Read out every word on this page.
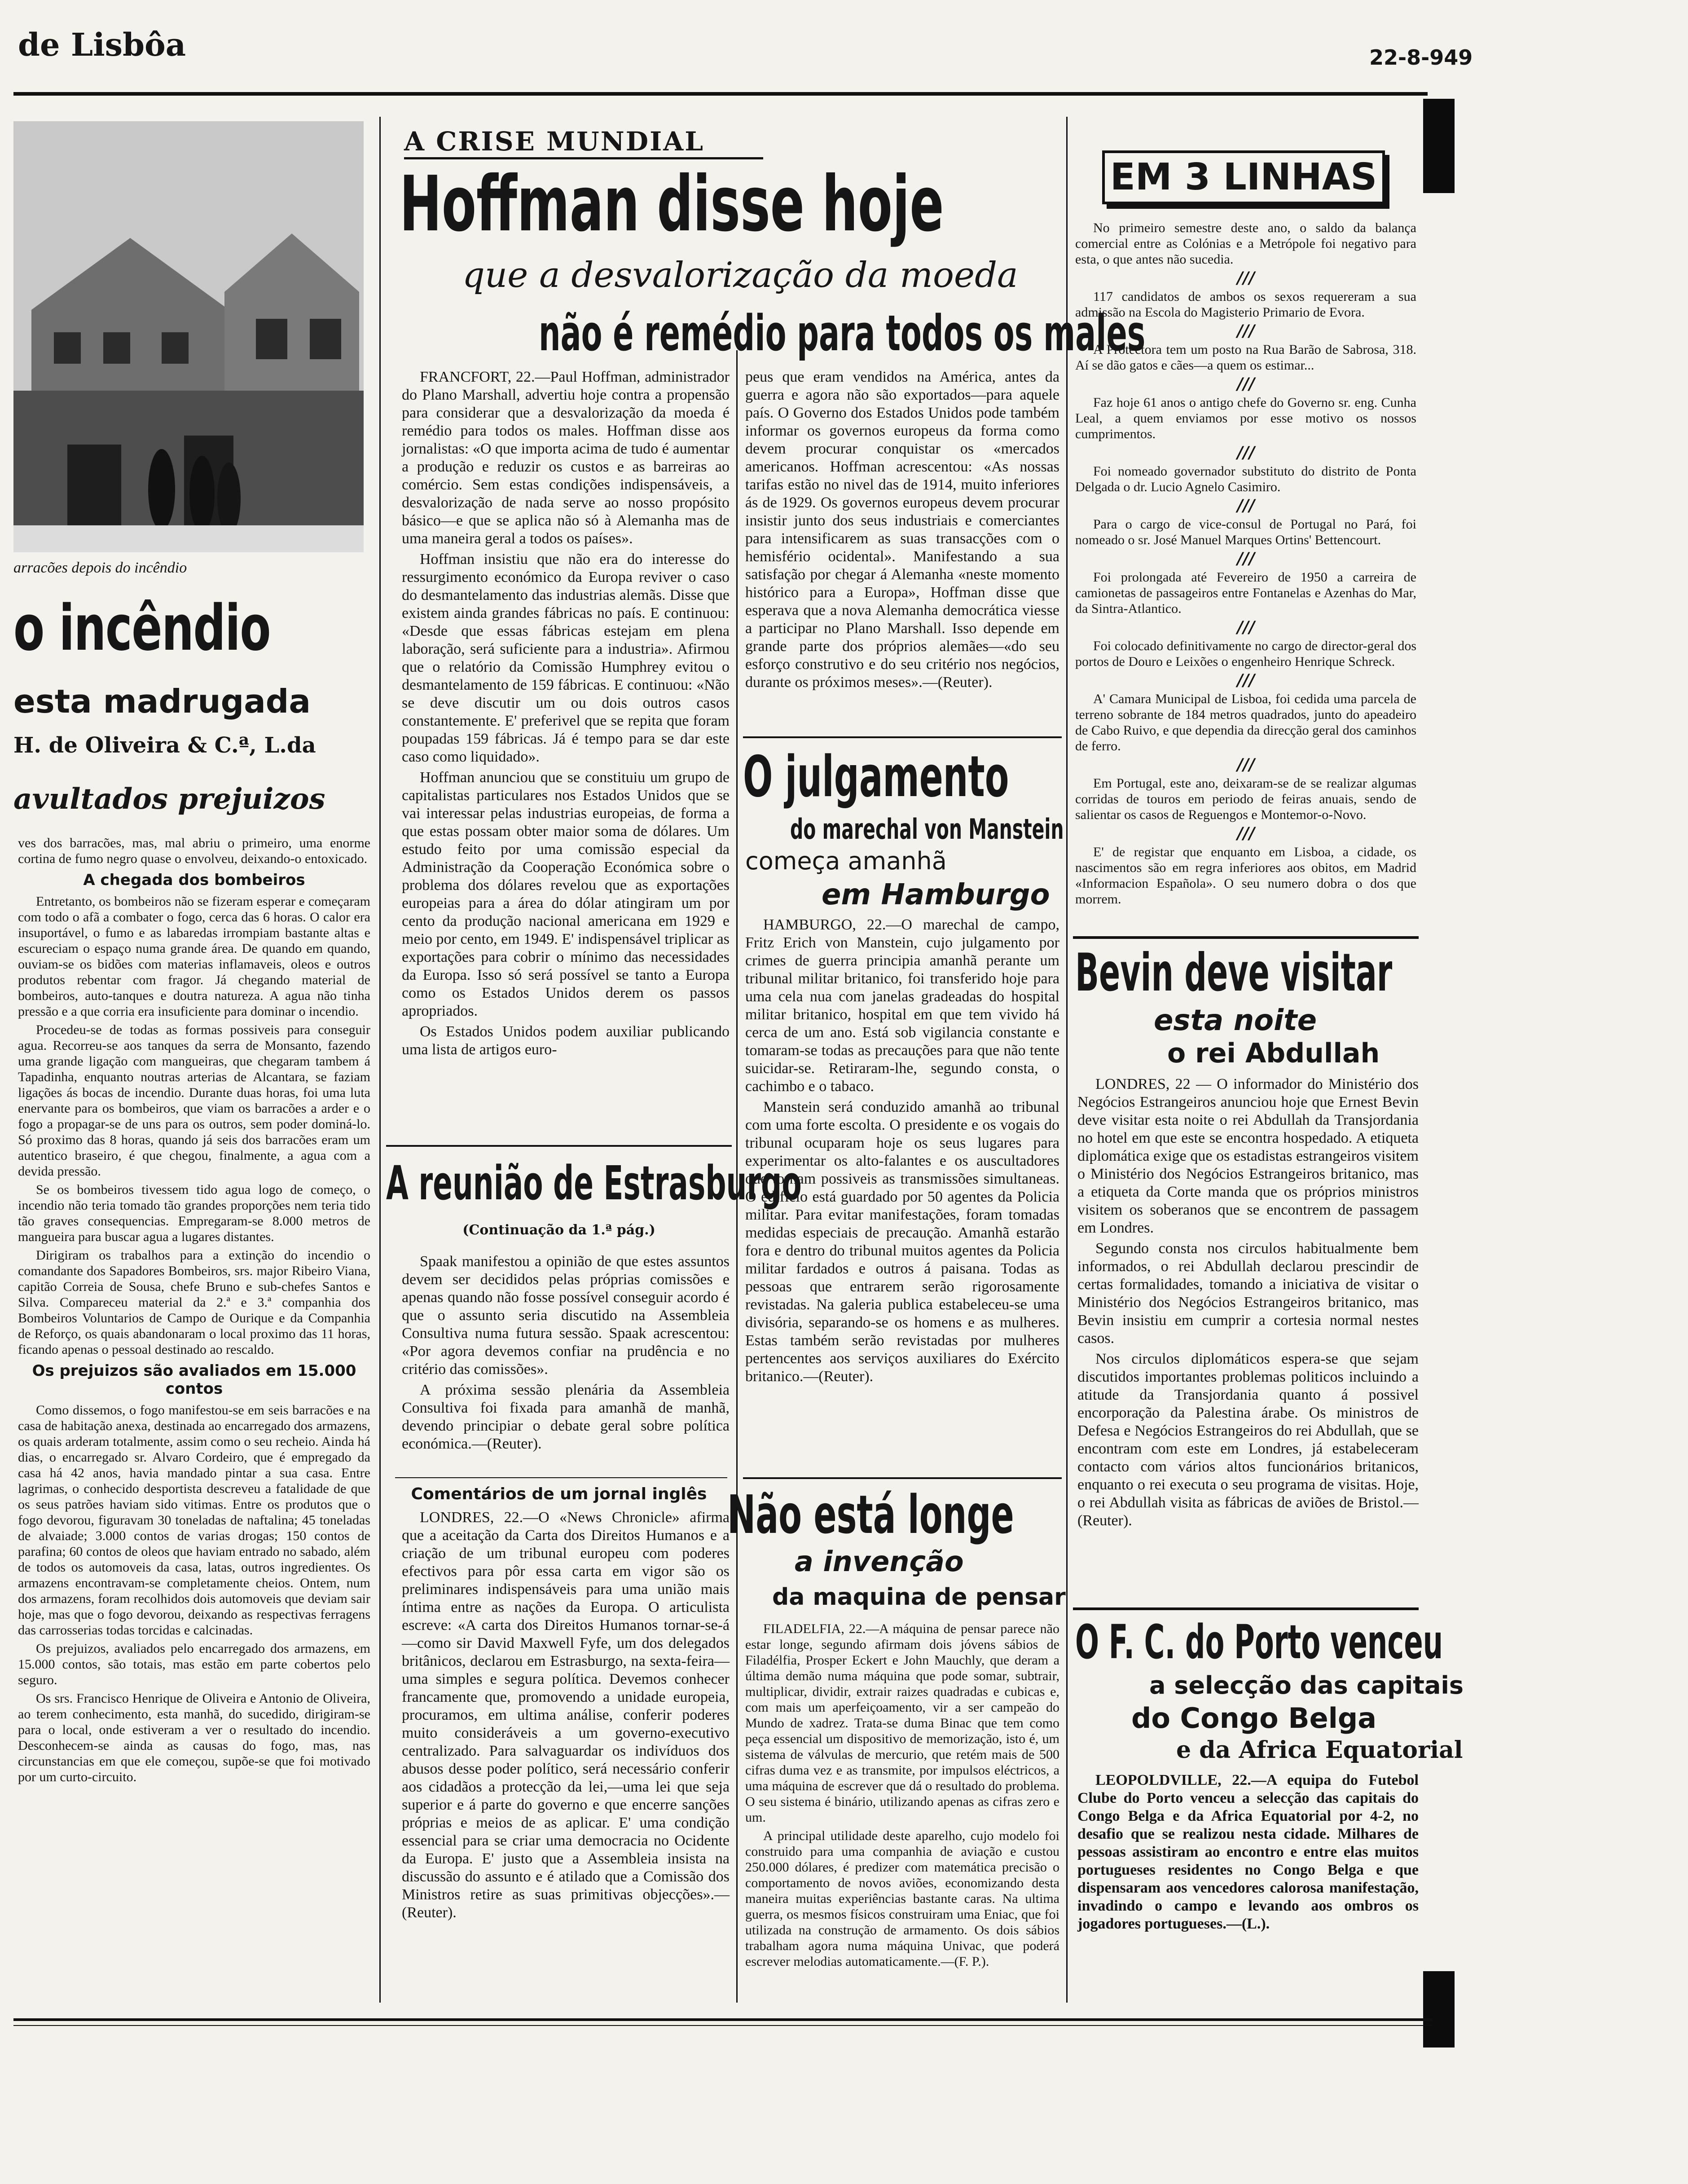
de Lisbôa	22-8-949
arracões depois do incêndio
o incêndio
esta madrugada
H. de Oliveira & C.ª, L.da
avultados prejuizos

ves dos barracões, mas, mal abriu o primeiro, uma enorme cortina de fumo negro quase o envolveu, deixando-o entoxicado.

A chegada dos bombeiros

Entretanto, os bombeiros não se fizeram esperar e começaram com todo o afã a combater o fogo, cerca das 6 horas. O calor era insuportável, o fumo e as labaredas irrompiam bastante altas e escureciam o espaço numa grande área. De quando em quando, ouviam-se os bidões com materias inflamaveis, oleos e outros produtos rebentar com fragor. Já chegando material de bombeiros, auto-tanques e doutra natureza. A agua não tinha pressão e a que corria era insuficiente para dominar o incendio.

Procedeu-se de todas as formas possiveis para conseguir agua. Recorreu-se aos tanques da serra de Monsanto, fazendo uma grande ligação com mangueiras, que chegaram tambem á Tapadinha, enquanto noutras arterias de Alcantara, se faziam ligações ás bocas de incendio. Durante duas horas, foi uma luta enervante para os bombeiros, que viam os barracões a arder e o fogo a propagar-se de uns para os outros, sem poder dominá-lo. Só proximo das 8 horas, quando já seis dos barracões eram um autentico braseiro, é que chegou, finalmente, a agua com a devida pressão.

Se os bombeiros tivessem tido agua logo de começo, o incendio não teria tomado tão grandes proporções nem teria tido tão graves consequencias. Empregaram-se 8.000 metros de mangueira para buscar agua a lugares distantes.

Dirigiram os trabalhos para a extinção do incendio o comandante dos Sapadores Bombeiros, srs. major Ribeiro Viana, capitão Correia de Sousa, chefe Bruno e sub-chefes Santos e Silva. Compareceu material da 2.ª e 3.ª companhia dos Bombeiros Voluntarios de Campo de Ourique e da Companhia de Reforço, os quais abandonaram o local proximo das 11 horas, ficando apenas o pessoal destinado ao rescaldo.

Os prejuizos são avaliados em 15.000 contos

Como dissemos, o fogo manifestou-se em seis barracões e na casa de habitação anexa, destinada ao encarregado dos armazens, os quais arderam totalmente, assim como o seu recheio. Ainda há dias, o encarregado sr. Alvaro Cordeiro, que é empregado da casa há 42 anos, havia mandado pintar a sua casa. Entre lagrimas, o conhecido desportista descreveu a fatalidade de que os seus patrões haviam sido vitimas. Entre os produtos que o fogo devorou, figuravam 30 toneladas de naftalina; 45 toneladas de alvaiade; 3.000 contos de varias drogas; 150 contos de parafina; 60 contos de oleos que haviam entrado no sabado, além de todos os automoveis da casa, latas, outros ingredientes. Os armazens encontravam-se completamente cheios. Ontem, num dos armazens, foram recolhidos dois automoveis que deviam sair hoje, mas que o fogo devorou, deixando as respectivas ferragens das carrosserias todas torcidas e calcinadas.

Os prejuizos, avaliados pelo encarregado dos armazens, em 15.000 contos, são totais, mas estão em parte cobertos pelo seguro.

Os srs. Francisco Henrique de Oliveira e Antonio de Oliveira, ao terem conhecimento, esta manhã, do sucedido, dirigiram-se para o local, onde estiveram a ver o resultado do incendio. Desconhecem-se ainda as causas do fogo, mas, nas circunstancias em que ele começou, supõe-se que foi motivado por um curto-circuito.

A CRISE MUNDIAL
Hoffman disse hoje
que a desvalorização da moeda
não é remédio para todos os males

FRANCFORT, 22.—Paul Hoffman, administrador do Plano Marshall, advertiu hoje contra a propensão para considerar que a desvalorização da moeda é remédio para todos os males. Hoffman disse aos jornalistas: «O que importa acima de tudo é aumentar a produção e reduzir os custos e as barreiras ao comércio. Sem estas condições indispensáveis, a desvalorização de nada serve ao nosso propósito básico—e que se aplica não só à Alemanha mas de uma maneira geral a todos os países».

Hoffman insistiu que não era do interesse do ressurgimento económico da Europa reviver o caso do desmantelamento das industrias alemãs. Disse que existem ainda grandes fábricas no país. E continuou: «Desde que essas fábricas estejam em plena laboração, será suficiente para a industria». Afirmou que o relatório da Comissão Humphrey evitou o desmantelamento de 159 fábricas. E continuou: «Não se deve discutir um ou dois outros casos constantemente. E' preferivel que se repita que foram poupadas 159 fábricas. Já é tempo para se dar este caso como liquidado».

Hoffman anunciou que se constituiu um grupo de capitalistas particulares nos Estados Unidos que se vai interessar pelas industrias europeias, de forma a que estas possam obter maior soma de dólares. Um estudo feito por uma comissão especial da Administração da Cooperação Económica sobre o problema dos dólares revelou que as exportações europeias para a área do dólar atingiram um por cento da produção nacional americana em 1929 e meio por cento, em 1949. E' indispensável triplicar as exportações para cobrir o mínimo das necessidades da Europa. Isso só será possível se tanto a Europa como os Estados Unidos derem os passos apropriados.

Os Estados Unidos podem auxiliar publicando uma lista de artigos euro-

peus que eram vendidos na América, antes da guerra e agora não são exportados—para aquele país. O Governo dos Estados Unidos pode também informar os governos europeus da forma como devem procurar conquistar os «mercados americanos. Hoffman acrescentou: «As nossas tarifas estão no nivel das de 1914, muito inferiores ás de 1929. Os governos europeus devem procurar insistir junto dos seus industriais e comerciantes para intensificarem as suas transacções com o hemisfério ocidental». Manifestando a sua satisfação por chegar á Alemanha «neste momento histórico para a Europa», Hoffman disse que esperava que a nova Alemanha democrática viesse a participar no Plano Marshall. Isso depende em grande parte dos próprios alemães—«do seu esforço construtivo e do seu critério nos negócios, durante os próximos meses».—(Reuter).

A reunião de Estrasburgo
(Continuação da 1.ª pág.)

Spaak manifestou a opinião de que estes assuntos devem ser decididos pelas próprias comissões e apenas quando não fosse possível conseguir acordo é que o assunto seria discutido na Assembleia Consultiva numa futura sessão. Spaak acrescentou: «Por agora devemos confiar na prudência e no critério das comissões».

A próxima sessão plenária da Assembleia Consultiva foi fixada para amanhã de manhã, devendo principiar o debate geral sobre política económica.—(Reuter).

Comentários de um jornal inglês

LONDRES, 22.—O «News Chronicle» afirma que a aceitação da Carta dos Direitos Humanos e a criação de um tribunal europeu com poderes efectivos para pôr essa carta em vigor são os preliminares indispensáveis para uma união mais íntima entre as nações da Europa. O articulista escreve: «A carta dos Direitos Humanos tornar-se-á—como sir David Maxwell Fyfe, um dos delegados britânicos, declarou em Estrasburgo, na sexta-feira—uma simples e segura política. Devemos conhecer francamente que, promovendo a unidade europeia, procuramos, em ultima análise, conferir poderes muito consideráveis a um governo-executivo centralizado. Para salvaguardar os indivíduos dos abusos desse poder político, será necessário conferir aos cidadãos a protecção da lei,—uma lei que seja superior e á parte do governo e que encerre sanções próprias e meios de as aplicar. E' uma condição essencial para se criar uma democracia no Ocidente da Europa. E' justo que a Assembleia insista na discussão do assunto e é atilado que a Comissão dos Ministros retire as suas primitivas objecções».—(Reuter).

O julgamento
do marechal von Manstein
começa amanhã
em Hamburgo

HAMBURGO, 22.—O marechal de campo, Fritz Erich von Manstein, cujo julgamento por crimes de guerra principia amanhã perante um tribunal militar britanico, foi transferido hoje para uma cela nua com janelas gradeadas do hospital militar britanico, hospital em que tem vivido há cerca de um ano. Está sob vigilancia constante e tomaram-se todas as precauções para que não tente suicidar-se. Retiraram-lhe, segundo consta, o cachimbo e o tabaco.

Manstein será conduzido amanhã ao tribunal com uma forte escolta. O presidente e os vogais do tribunal ocuparam hoje os seus lugares para experimentar os alto-falantes e os auscultadores que tornam possiveis as transmissões simultaneas. O edificio está guardado por 50 agentes da Policia militar. Para evitar manifestações, foram tomadas medidas especiais de precaução. Amanhã estarão fora e dentro do tribunal muitos agentes da Policia militar fardados e outros á paisana. Todas as pessoas que entrarem serão rigorosamente revistadas. Na galeria publica estabeleceu-se uma divisória, separando-se os homens e as mulheres. Estas também serão revistadas por mulheres pertencentes aos serviços auxiliares do Exército britanico.—(Reuter).

Não está longe
a invenção
da maquina de pensar

FILADELFIA, 22.—A máquina de pensar parece não estar longe, segundo afirmam dois jóvens sábios de Filadélfia, Prosper Eckert e John Mauchly, que deram a última demão numa máquina que pode somar, subtrair, multiplicar, dividir, extrair raizes quadradas e cubicas e, com mais um aperfeiçoamento, vir a ser campeão do Mundo de xadrez. Trata-se duma Binac que tem como peça essencial um dispositivo de memorização, isto é, um sistema de válvulas de mercurio, que retém mais de 500 cifras duma vez e as transmite, por impulsos eléctricos, a uma máquina de escrever que dá o resultado do problema. O seu sistema é binário, utilizando apenas as cifras zero e um.

A principal utilidade deste aparelho, cujo modelo foi construido para uma companhia de aviação e custou 250.000 dólares, é predizer com matemática precisão o comportamento de novos aviões, economizando desta maneira muitas experiências bastante caras. Na ultima guerra, os mesmos físicos construiram uma Eniac, que foi utilizada na construção de armamento. Os dois sábios trabalham agora numa máquina Univac, que poderá escrever melodias automaticamente.—(F. P.).

EM 3 LINHAS

No primeiro semestre deste ano, o saldo da balança comercial entre as Colónias e a Metrópole foi negativo para esta, o que antes não sucedia.

///

117 candidatos de ambos os sexos requereram a sua admissão na Escola do Magisterio Primario de Evora.

///

A Protectora tem um posto na Rua Barão de Sabrosa, 318. Aí se dão gatos e cães—a quem os estimar...

///

Faz hoje 61 anos o antigo chefe do Governo sr. eng. Cunha Leal, a quem enviamos por esse motivo os nossos cumprimentos.

///

Foi nomeado governador substituto do distrito de Ponta Delgada o dr. Lucio Agnelo Casimiro.

///

Para o cargo de vice-consul de Portugal no Pará, foi nomeado o sr. José Manuel Marques Ortins' Bettencourt.

///

Foi prolongada até Fevereiro de 1950 a carreira de camionetas de passageiros entre Fontanelas e Azenhas do Mar, da Sintra-Atlantico.

///

Foi colocado definitivamente no cargo de director-geral dos portos de Douro e Leixões o engenheiro Henrique Schreck.

///

A' Camara Municipal de Lisboa, foi cedida uma parcela de terreno sobrante de 184 metros quadrados, junto do apeadeiro de Cabo Ruivo, e que dependia da direcção geral dos caminhos de ferro.

///

Em Portugal, este ano, deixaram-se de se realizar algumas corridas de touros em periodo de feiras anuais, sendo de salientar os casos de Reguengos e Montemor-o-Novo.

///

E' de registar que enquanto em Lisboa, a cidade, os nascimentos são em regra inferiores aos obitos, em Madrid «Informacion Española». O seu numero dobra o dos que morrem.

Bevin deve visitar
esta noite
o rei Abdullah

LONDRES, 22 — O informador do Ministério dos Negócios Estrangeiros anunciou hoje que Ernest Bevin deve visitar esta noite o rei Abdullah da Transjordania no hotel em que este se encontra hospedado. A etiqueta diplomática exige que os estadistas estrangeiros visitem o Ministério dos Negócios Estrangeiros britanico, mas a etiqueta da Corte manda que os próprios ministros visitem os soberanos que se encontrem de passagem em Londres.

Segundo consta nos circulos habitualmente bem informados, o rei Abdullah declarou prescindir de certas formalidades, tomando a iniciativa de visitar o Ministério dos Negócios Estrangeiros britanico, mas Bevin insistiu em cumprir a cortesia normal nestes casos.

Nos circulos diplomáticos espera-se que sejam discutidos importantes problemas politicos incluindo a atitude da Transjordania quanto á possivel encorporação da Palestina árabe. Os ministros de Defesa e Negócios Estrangeiros do rei Abdullah, que se encontram com este em Londres, já estabeleceram contacto com vários altos funcionários britanicos, enquanto o rei executa o seu programa de visitas. Hoje, o rei Abdullah visita as fábricas de aviões de Bristol.—(Reuter).

O F. C. do Porto venceu
a selecção das capitais
do Congo Belga
e da Africa Equatorial

LEOPOLDVILLE, 22.—A equipa do Futebol Clube do Porto venceu a selecção das capitais do Congo Belga e da Africa Equatorial por 4-2, no desafio que se realizou nesta cidade. Milhares de pessoas assistiram ao encontro e entre elas muitos portugueses residentes no Congo Belga e que dispensaram aos vencedores calorosa manifestação, invadindo o campo e levando aos ombros os jogadores portugueses.—(L.).
